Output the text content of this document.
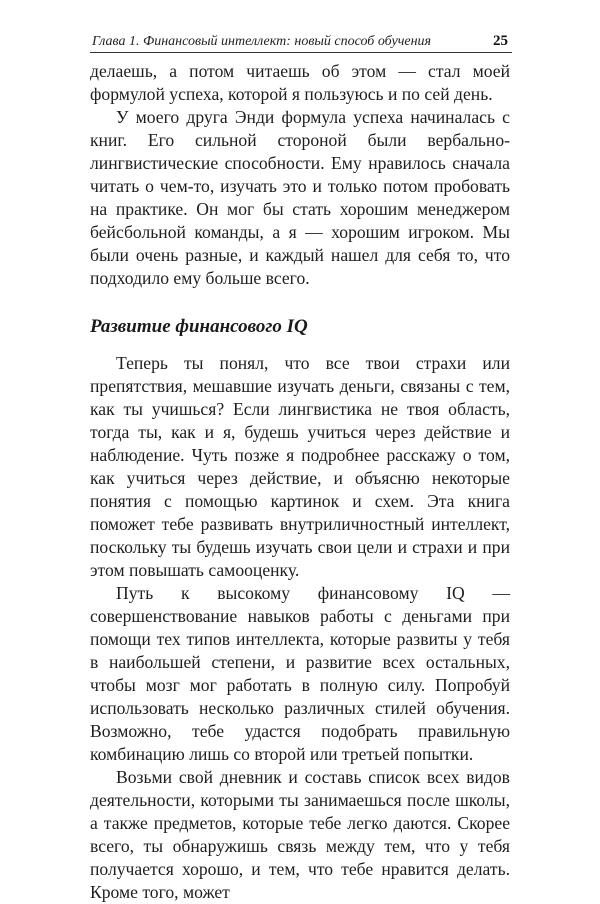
Глава 1. Финансовый интеллект: новый способ обучения	25

делаешь, а потом читаешь об этом — стал моей формулой успеха, которой я пользуюсь и по сей день.

У моего друга Энди формула успеха начиналась с книг. Его сильной стороной были вербально-лингвистические способности. Ему нравилось сначала читать о чем-то, изучать это и только потом пробовать на практике. Он мог бы стать хорошим менеджером бейсбольной команды, а я — хорошим игроком. Мы были очень разные, и каждый нашел для себя то, что подходило ему больше всего.

Развитие финансового IQ

Теперь ты понял, что все твои страхи или препятствия, мешавшие изучать деньги, связаны с тем, как ты учишься? Если лингвистика не твоя область, тогда ты, как и я, будешь учиться через действие и наблюдение. Чуть позже я подробнее расскажу о том, как учиться через действие, и объясню некоторые понятия с помощью картинок и схем. Эта книга поможет тебе развивать внутриличностный интеллект, поскольку ты будешь изучать свои цели и страхи и при этом повышать самооценку.

Путь к высокому финансовому IQ — совершенствование навыков работы с деньгами при помощи тех типов интеллекта, которые развиты у тебя в наибольшей степени, и развитие всех остальных, чтобы мозг мог работать в полную силу. Попробуй использовать несколько различных стилей обучения. Возможно, тебе удастся подобрать правильную комбинацию лишь со второй или третьей попытки.

Возьми свой дневник и составь список всех видов деятельности, которыми ты занимаешься после школы, а также предметов, которые тебе легко даются. Скорее всего, ты обнаружишь связь между тем, что у тебя получается хорошо, и тем, что тебе нравится делать. Кроме того, может
